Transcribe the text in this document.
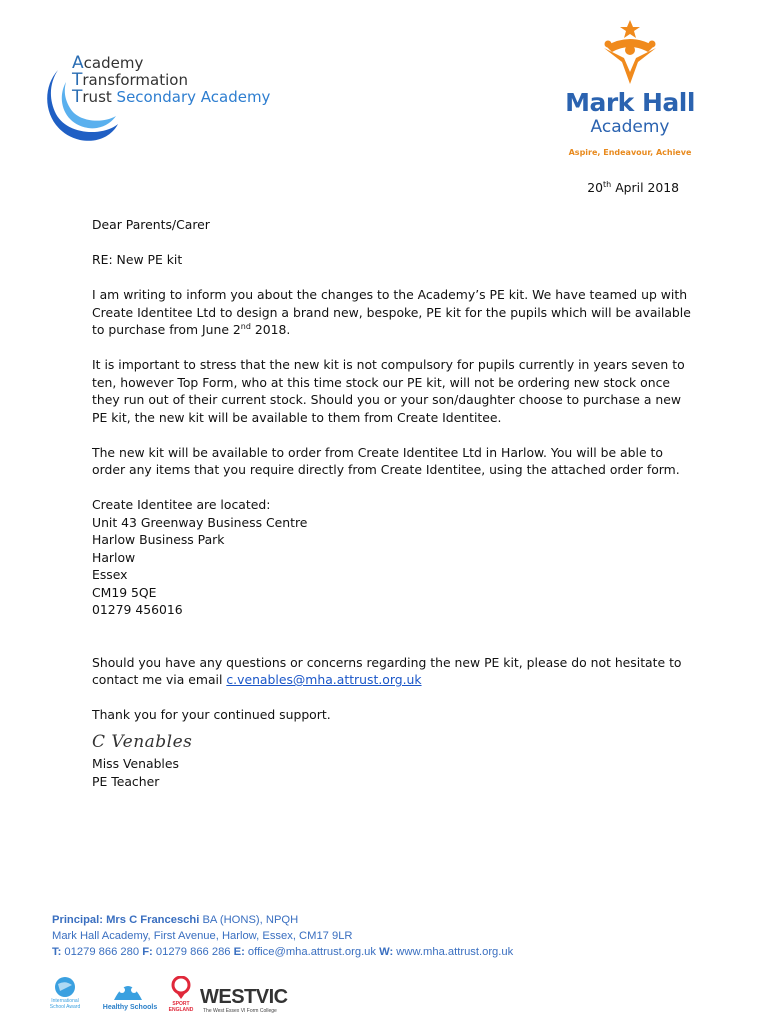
Academy
Transformation
Trust Secondary Academy	Mark Hall
Academy
Aspire, Endeavour, Achieve
20th April 2018

Dear Parents/Carer

RE: New PE kit

I am writing to inform you about the changes to the Academy’s PE kit. We have teamed up with Create Identitee Ltd to design a brand new, bespoke, PE kit for the pupils which will be available to purchase from June 2nd 2018.

It is important to stress that the new kit is not compulsory for pupils currently in years seven to ten, however Top Form, who at this time stock our PE kit, will not be ordering new stock once they run out of their current stock. Should you or your son/daughter choose to purchase a new PE kit, the new kit will be available to them from Create Identitee.

The new kit will be available to order from Create Identitee Ltd in Harlow. You will be able to order any items that you require directly from Create Identitee, using the attached order form.

Create Identitee are located:
Unit 43 Greenway Business Centre
Harlow Business Park
Harlow
Essex
CM19 5QE
01279 456016

Should you have any questions or concerns regarding the new PE kit, please do not hesitate to contact me via email c.venables@mha.attrust.org.uk

Thank you for your continued support.

C Venables
Miss Venables
PE Teacher
Principal: Mrs C Franceschi BA (HONS), NPQH
Mark Hall Academy, First Avenue, Harlow, Essex, CM17 9LR
T: 01279 866 280 F: 01279 866 286 E: office@mha.attrust.org.uk W: www.mha.attrust.org.uk
International School Award	Healthy Schools	SPORT ENGLAND
WESTVIC
The West Essex VI Form College
